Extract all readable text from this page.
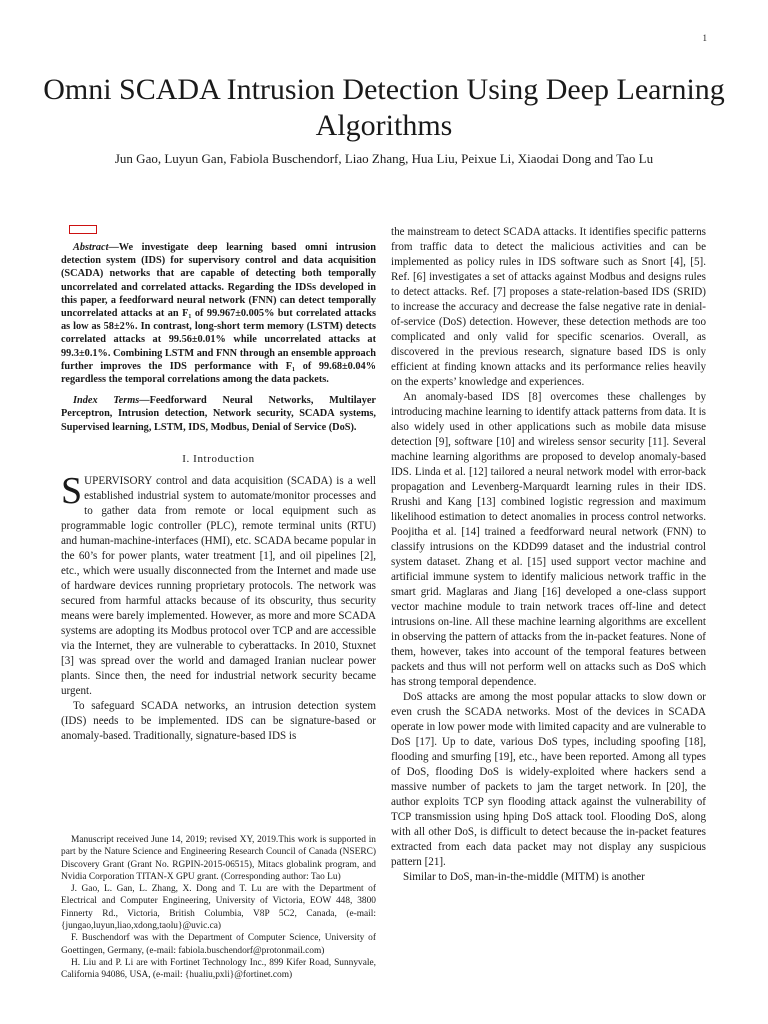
1
Omni SCADA Intrusion Detection Using Deep Learning Algorithms
Jun Gao, Luyun Gan, Fabiola Buschendorf, Liao Zhang, Hua Liu, Peixue Li, Xiaodai Dong and Tao Lu

Abstract—We investigate deep learning based omni intrusion detection system (IDS) for supervisory control and data acquisition (SCADA) networks that are capable of detecting both temporally uncorrelated and correlated attacks. Regarding the IDSs developed in this paper, a feedforward neural network (FNN) can detect temporally uncorrelated attacks at an F₁ of 99.967±0.005% but correlated attacks as low as 58±2%. In contrast, long-short term memory (LSTM) detects correlated attacks at 99.56±0.01% while uncorrelated attacks at 99.3±0.1%. Combining LSTM and FNN through an ensemble approach further improves the IDS performance with F₁ of 99.68±0.04% regardless the temporal correlations among the data packets.

Index Terms—Feedforward Neural Networks, Multilayer Perceptron, Intrusion detection, Network security, SCADA systems, Supervised learning, LSTM, IDS, Modbus, Denial of Service (DoS).

I. Introduction

SUPERVISORY control and data acquisition (SCADA) is a well established industrial system to automate/monitor processes and to gather data from remote or local equipment such as programmable logic controller (PLC), remote terminal units (RTU) and human-machine-interfaces (HMI), etc. SCADA became popular in the 60’s for power plants, water treatment [1], and oil pipelines [2], etc., which were usually disconnected from the Internet and made use of hardware devices running proprietary protocols. The network was secured from harmful attacks because of its obscurity, thus security means were barely implemented. However, as more and more SCADA systems are adopting its Modbus protocol over TCP and are accessible via the Internet, they are vulnerable to cyberattacks. In 2010, Stuxnet [3] was spread over the world and damaged Iranian nuclear power plants. Since then, the need for industrial network security became urgent.

To safeguard SCADA networks, an intrusion detection system (IDS) needs to be implemented. IDS can be signature-based or anomaly-based. Traditionally, signature-based IDS is

Manuscript received June 14, 2019; revised XY, 2019.This work is supported in part by the Nature Science and Engineering Research Council of Canada (NSERC) Discovery Grant (Grant No. RGPIN-2015-06515), Mitacs globalink program, and Nvidia Corporation TITAN-X GPU grant. (Corresponding author: Tao Lu)

J. Gao, L. Gan, L. Zhang, X. Dong and T. Lu are with the Department of Electrical and Computer Engineering, University of Victoria, EOW 448, 3800 Finnerty Rd., Victoria, British Columbia, V8P 5C2, Canada, (e-mail: {jungao,luyun,liao,xdong,taolu}@uvic.ca)

F. Buschendorf was with the Department of Computer Science, University of Goettingen, Germany, (e-mail: fabiola.buschendorf@protonmail.com)

H. Liu and P. Li are with Fortinet Technology Inc., 899 Kifer Road, Sunnyvale, California 94086, USA, (e-mail: {hualiu,pxli}@fortinet.com)

the mainstream to detect SCADA attacks. It identifies specific patterns from traffic data to detect the malicious activities and can be implemented as policy rules in IDS software such as Snort [4], [5]. Ref. [6] investigates a set of attacks against Modbus and designs rules to detect attacks. Ref. [7] proposes a state-relation-based IDS (SRID) to increase the accuracy and decrease the false negative rate in denial-of-service (DoS) detection. However, these detection methods are too complicated and only valid for specific scenarios. Overall, as discovered in the previous research, signature based IDS is only efficient at finding known attacks and its performance relies heavily on the experts’ knowledge and experiences.

An anomaly-based IDS [8] overcomes these challenges by introducing machine learning to identify attack patterns from data. It is also widely used in other applications such as mobile data misuse detection [9], software [10] and wireless sensor security [11]. Several machine learning algorithms are proposed to develop anomaly-based IDS. Linda et al. [12] tailored a neural network model with error-back propagation and Levenberg-Marquardt learning rules in their IDS. Rrushi and Kang [13] combined logistic regression and maximum likelihood estimation to detect anomalies in process control networks. Poojitha et al. [14] trained a feedforward neural network (FNN) to classify intrusions on the KDD99 dataset and the industrial control system dataset. Zhang et al. [15] used support vector machine and artificial immune system to identify malicious network traffic in the smart grid. Maglaras and Jiang [16] developed a one-class support vector machine module to train network traces off-line and detect intrusions on-line. All these machine learning algorithms are excellent in observing the pattern of attacks from the in-packet features. None of them, however, takes into account of the temporal features between packets and thus will not perform well on attacks such as DoS which has strong temporal dependence.

DoS attacks are among the most popular attacks to slow down or even crush the SCADA networks. Most of the devices in SCADA operate in low power mode with limited capacity and are vulnerable to DoS [17]. Up to date, various DoS types, including spoofing [18], flooding and smurfing [19], etc., have been reported. Among all types of DoS, flooding DoS is widely-exploited where hackers send a massive number of packets to jam the target network. In [20], the author exploits TCP syn flooding attack against the vulnerability of TCP transmission using hping DoS attack tool. Flooding DoS, along with all other DoS, is difficult to detect because the in-packet features extracted from each data packet may not display any suspicious pattern [21].

Similar to DoS, man-in-the-middle (MITM) is another
